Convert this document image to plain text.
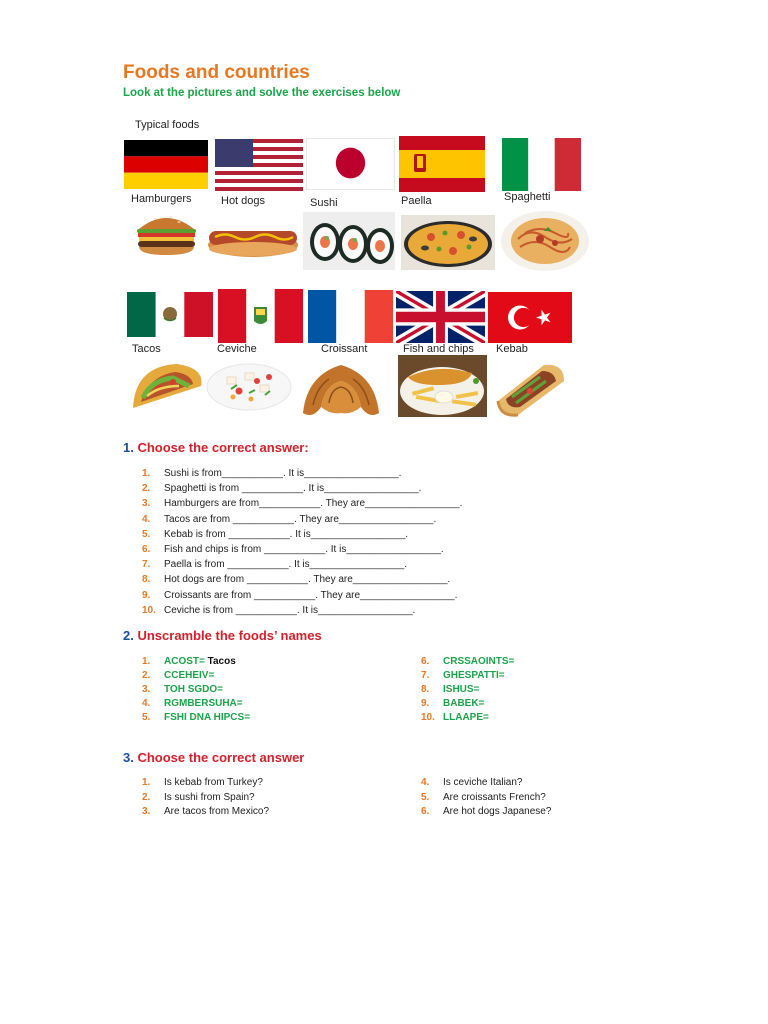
Foods and countries
Look at the pictures and solve the exercises below
Typical foods
Hamburgers	Hot dogs	Sushi	Paella	Spaghetti
Tacos	Ceviche	Croissant	Fish and chips Kebab
1. Choose the correct answer:
1. Sushi is from___________. It is_________________.
2. Spaghetti is from ___________. It is_________________.
3. Hamburgers are from___________. They are_________________.
4. Tacos are from ___________. They are_________________.
5. Kebab is from ___________. It is_________________.
6. Fish and chips is from ___________. It is_________________.
7. Paella is from ___________. It is_________________.
8. Hot dogs are from ___________. They are_________________.
9. Croissants are from ___________. They are_________________.
10. Ceviche is from ___________. It is_________________.
2. Unscramble the foods’ names
1. ACOST= Tacos
2. CCEHEIV=
3. TOH SGDO=
4. RGMBERSUHA=
5. FSHI DNA HIPCS=
6. CRSSAOINTS=
7. GHESPATTI=
8. ISHUS=
9. BABEK=
10. LLAAPE=
3. Choose the correct answer
1. Is kebab from Turkey?
2. Is sushi from Spain?
3. Are tacos from Mexico?
4. Is ceviche Italian?
5. Are croissants French?
6. Are hot dogs Japanese?
